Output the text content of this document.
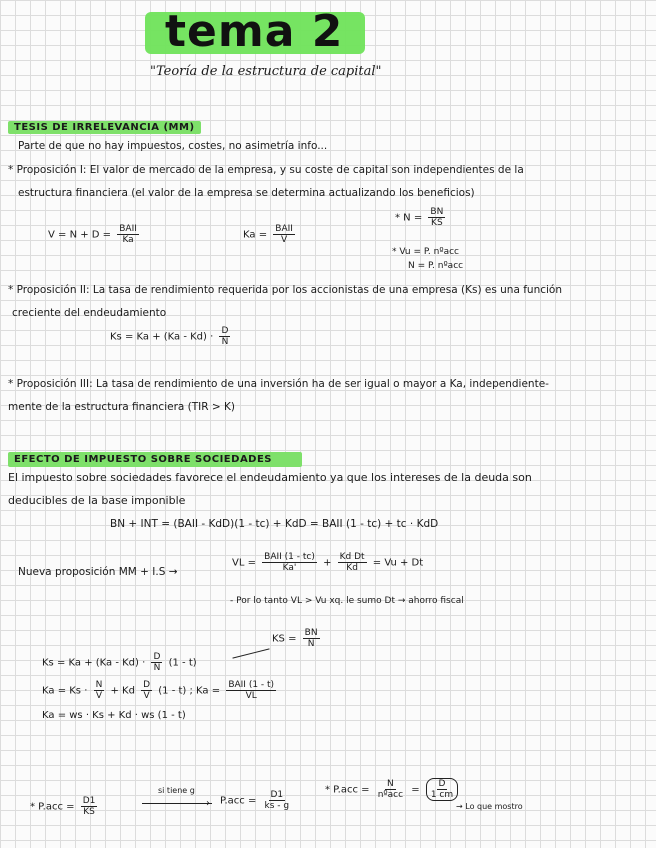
tema 2
"Teoría de la estructura de capital"
TESIS DE IRRELEVANCIA (MM)
Parte de que no hay impuestos, costes, no asimetría info...
* Proposición I: El valor de mercado de la empresa, y su coste de capital son independientes de la
estructura financiera (el valor de la empresa se determina actualizando los beneficios)
$V = N + D = \frac{\text{BAII}}{Ka}$	$Ka = \frac{\text{BAII}}{V}$
* $N = \frac{BN}{KS}$
* Vu = P. nºacc
N = P. nºacc
* Proposición II: La tasa de rendimiento requerida por los accionistas de una empresa (Ks) es una función
creciente del endeudamiento
$Ks = Ka + (Ka - Kd) \cdot \frac{D}{N}$
* Proposición III: La tasa de rendimiento de una inversión ha de ser igual o mayor a Ka, independiente-
mente de la estructura financiera (TIR > K)
EFECTO DE IMPUESTO SOBRE SOCIEDADES
El impuesto sobre sociedades favorece el endeudamiento ya que los intereses de la deuda son
deducibles de la base imponible
BN + INT = (BAII - KdD)(1 - tc) + KdD = BAII (1 - tc) + tc · KdD
Nueva proposición MM + I.S →
VL = $\frac{\text{BAII (1 - tc)}}{Ka'} + \frac{\text{Kd Dt}}{Kd} = Vu + Dt$
- Por lo tanto VL > Vu xq. le sumo Dt → ahorro fiscal
$Ks = Ka + (Ka - Kd) \cdot \frac{D}{N} (1 - t)$
KS = $\frac{BN}{N}$
$Ka = Ks \cdot \frac{N}{V} + Kd \frac{D}{V} (1 - t)$ ; $Ka = \frac{\text{BAII (1 - t)}}{VL}$
Ka = ws · Ks + Kd · ws (1 - t)
* $P.acc = \frac{D1}{KS}$
si tiene g
› $P.acc = \frac{D1}{ks - g}$	* $P.acc = \frac{N}{\text{nºacc}} = \frac{D}{1 cm}$
→ Lo que mostro
